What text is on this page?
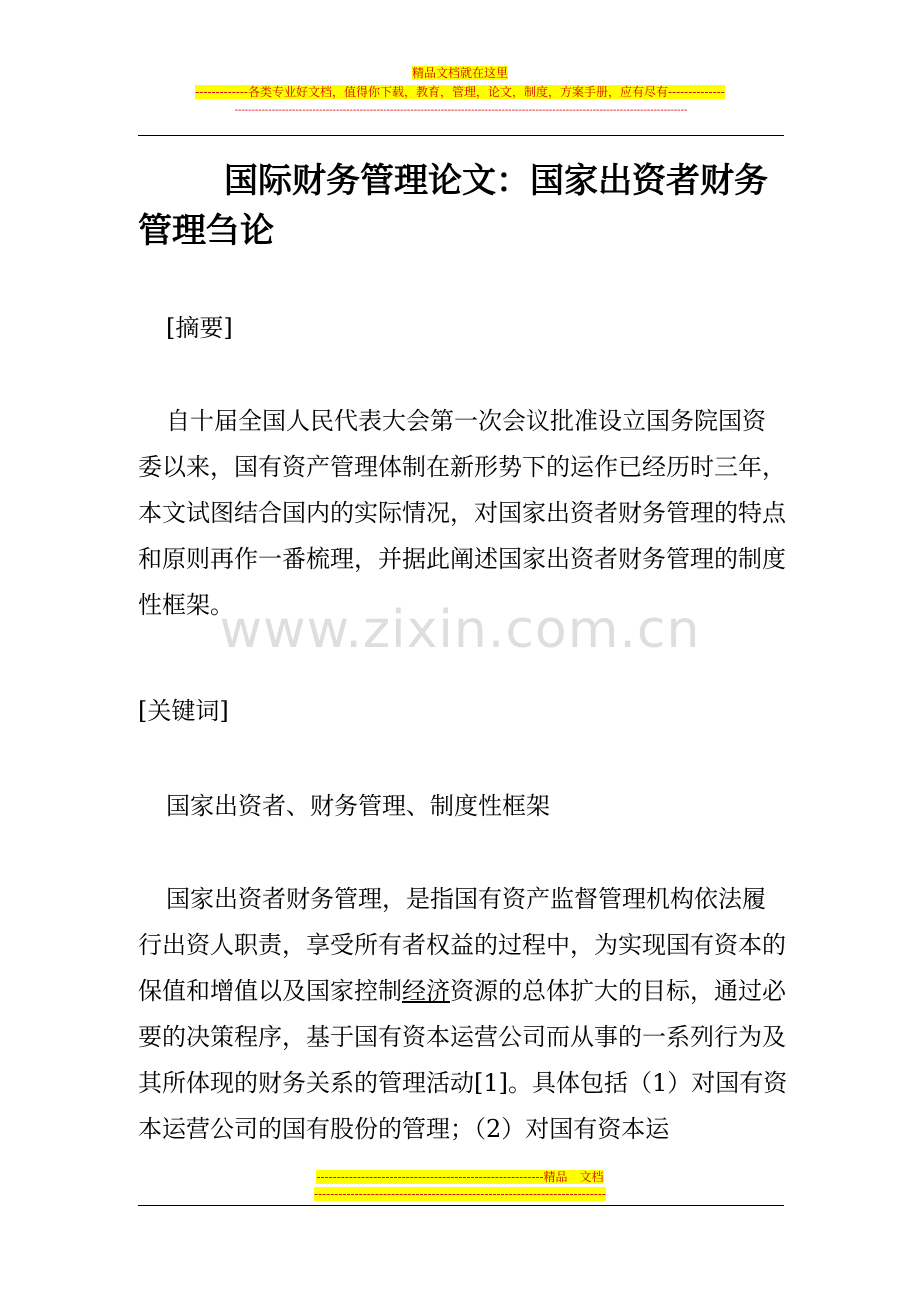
精品文档就在这里
-------------各类专业好文档，值得你下载，教育，管理，论文，制度，方案手册，应有尽有--------------
--------------------------------------------------------------------------------------------------------------------------------------
国际财务管理论文：国家出资者财务管理刍论

[摘要]

自十届全国人民代表大会第一次会议批准设立国务院国资委以来，国有资产管理体制在新形势下的运作已经历时三年，本文试图结合国内的实际情况，对国家出资者财务管理的特点和原则再作一番梳理，并据此阐述国家出资者财务管理的制度性框架。

[关键词]

国家出资者、财务管理、制度性框架

国家出资者财务管理，是指国有资产监督管理机构依法履行出资人职责，享受所有者权益的过程中，为实现国有资本的保值和增值以及国家控制经济资源的总体扩大的目标，通过必要的决策程序，基于国有资本运营公司而从事的一系列行为及其所体现的财务关系的管理活动[1]。具体包括（1）对国有资本运营公司的国有股份的管理；（2）对国有资本运

www.zixin.com.cn
--------------------------------------------------------精品　文档
------------------------------------------------------------------------
